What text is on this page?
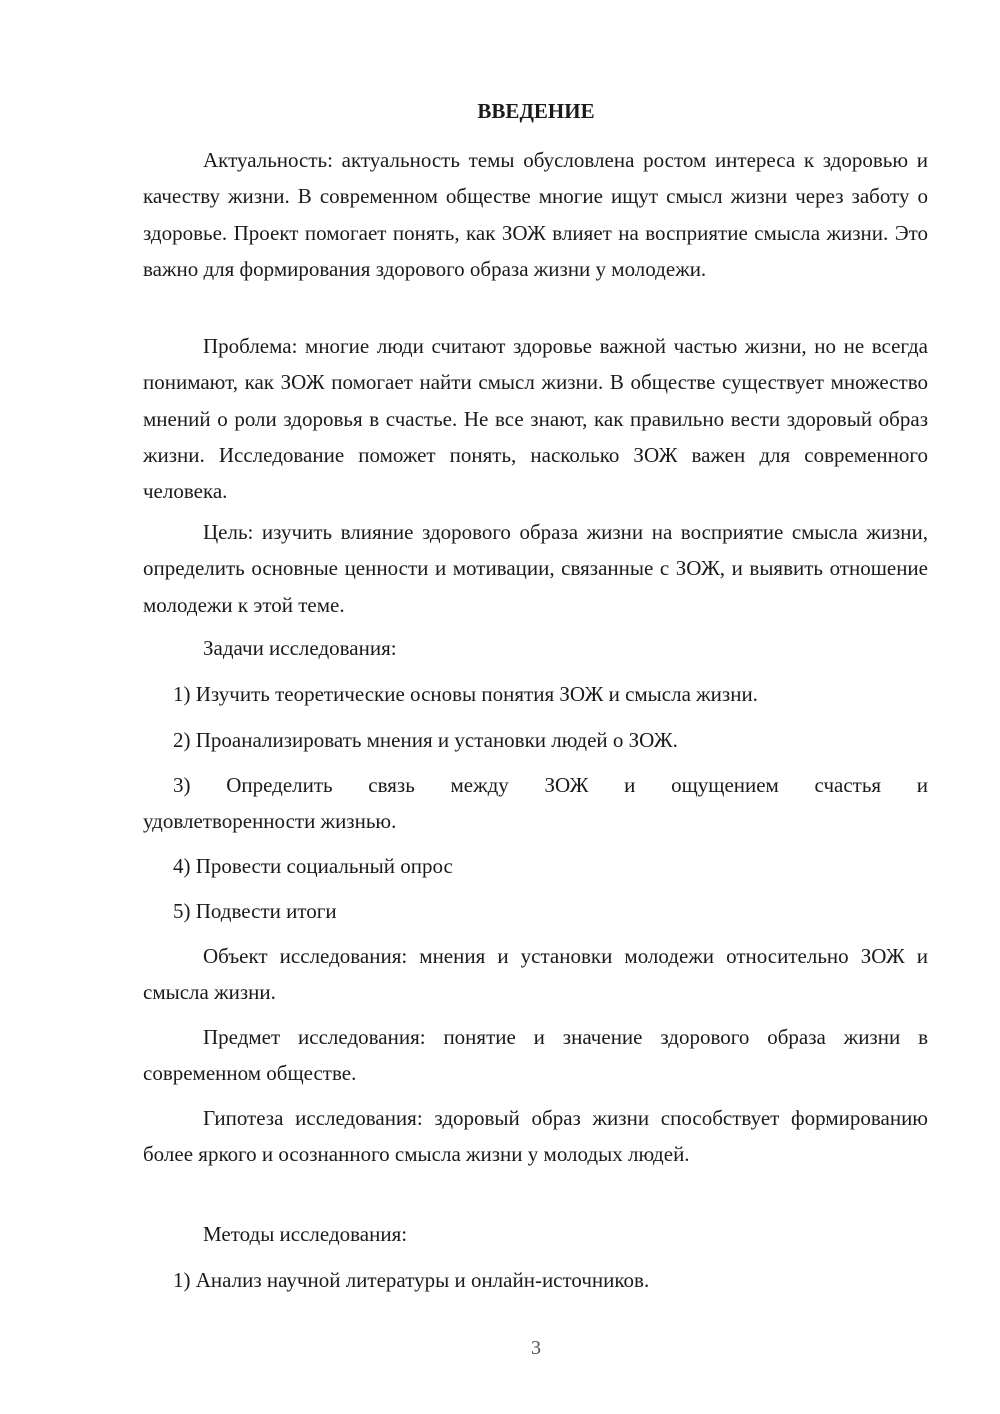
ВВЕДЕНИЕ
Актуальность: актуальность темы обусловлена ростом интереса к здоровью и качеству жизни. В современном обществе многие ищут смысл жизни через заботу о здоровье. Проект помогает понять, как ЗОЖ влияет на восприятие смысла жизни. Это важно для формирования здорового образа жизни у молодежи.
Проблема: многие люди считают здоровье важной частью жизни, но не всегда понимают, как ЗОЖ помогает найти смысл жизни. В обществе существует множество мнений о роли здоровья в счастье. Не все знают, как правильно вести здоровый образ жизни. Исследование поможет понять, насколько ЗОЖ важен для современного человека.
Цель: изучить влияние здорового образа жизни на восприятие смысла жизни, определить основные ценности и мотивации, связанные с ЗОЖ, и выявить отношение молодежи к этой теме.
Задачи исследования:
1) Изучить теоретические основы понятия ЗОЖ и смысла жизни.
2) Проанализировать мнения и установки людей о ЗОЖ.
3) Определить связь между ЗОЖ и ощущением счастья и
удовлетворенности жизнью.
4) Провести социальный опрос
5) Подвести итоги
Объект исследования: мнения и установки молодежи относительно ЗОЖ и смысла жизни.
Предмет исследования: понятие и значение здорового образа жизни в современном обществе.
Гипотеза исследования: здоровый образ жизни способствует формированию более яркого и осознанного смысла жизни у молодых людей.
Методы исследования:
1) Анализ научной литературы и онлайн-источников.
3
